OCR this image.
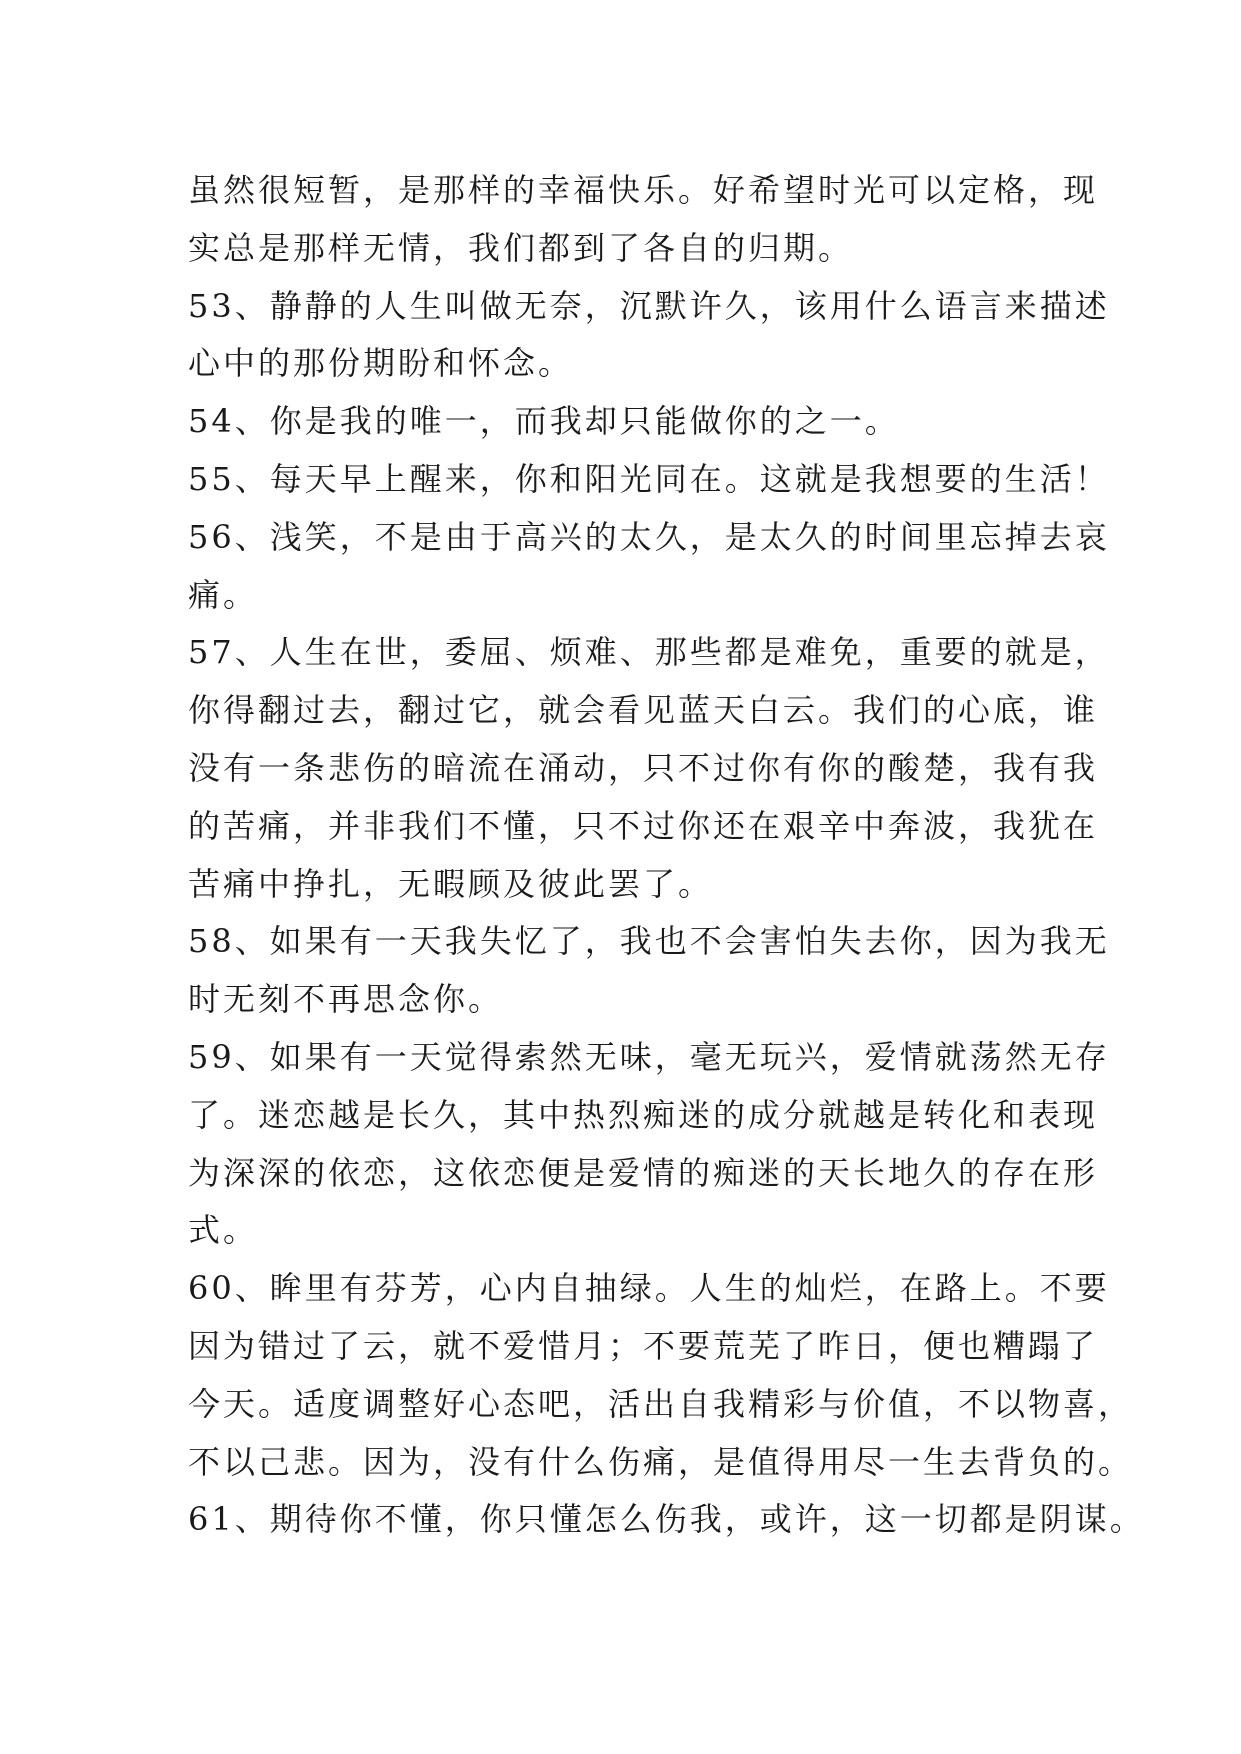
虽然很短暂，是那样的幸福快乐。好希望时光可以定格，现
实总是那样无情，我们都到了各自的归期。
53、静静的人生叫做无奈，沉默许久，该用什么语言来描述
心中的那份期盼和怀念。
54、你是我的唯一，而我却只能做你的之一。
55、每天早上醒来，你和阳光同在。这就是我想要的生活！
56、浅笑，不是由于高兴的太久，是太久的时间里忘掉去哀
痛。
57、人生在世，委屈、烦难、那些都是难免，重要的就是，
你得翻过去，翻过它，就会看见蓝天白云。我们的心底，谁
没有一条悲伤的暗流在涌动，只不过你有你的酸楚，我有我
的苦痛，并非我们不懂，只不过你还在艰辛中奔波，我犹在
苦痛中挣扎，无暇顾及彼此罢了。
58、如果有一天我失忆了，我也不会害怕失去你，因为我无
时无刻不再思念你。
59、如果有一天觉得索然无味，毫无玩兴，爱情就荡然无存
了。迷恋越是长久，其中热烈痴迷的成分就越是转化和表现
为深深的依恋，这依恋便是爱情的痴迷的天长地久的存在形
式。
60、眸里有芬芳，心内自抽绿。人生的灿烂，在路上。不要
因为错过了云，就不爱惜月；不要荒芜了昨日，便也糟蹋了
今天。适度调整好心态吧，活出自我精彩与价值，不以物喜，
不以己悲。因为，没有什么伤痛，是值得用尽一生去背负的。
61、期待你不懂，你只懂怎么伤我，或许，这一切都是阴谋。
